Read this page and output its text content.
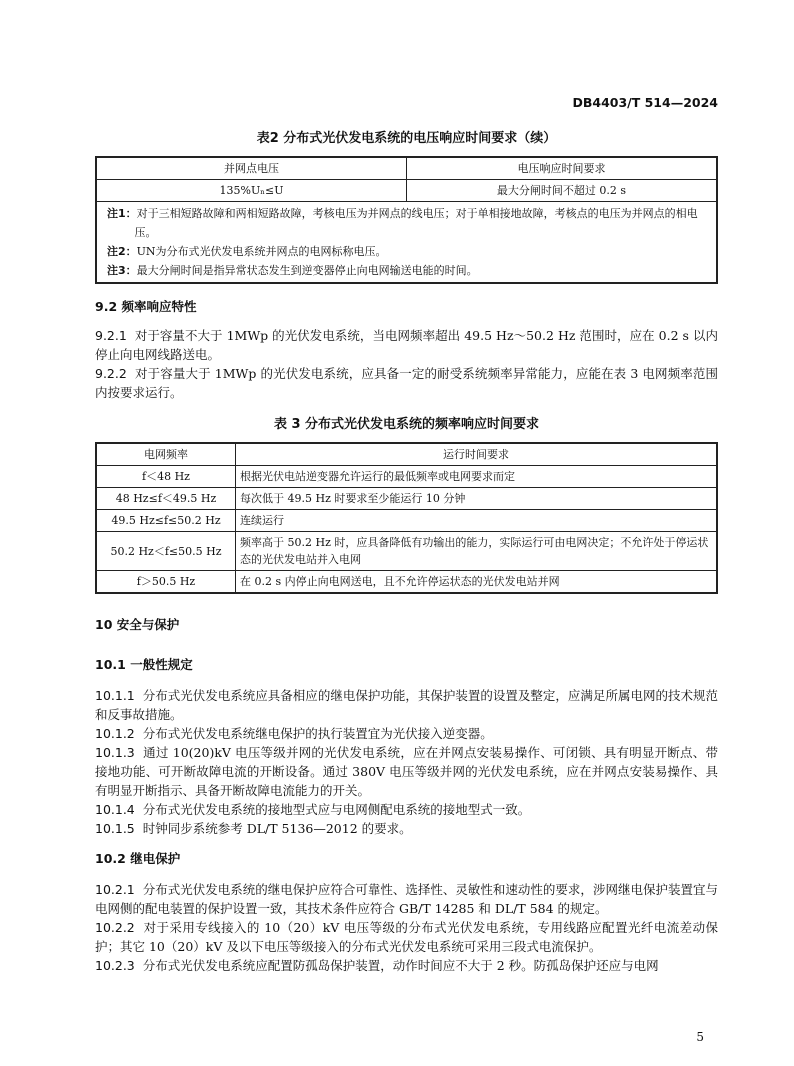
DB4403/T 514—2024
表2 分布式光伏发电系统的电压响应时间要求（续）
并网点电压	电压响应时间要求
135%Uₙ≤U	最大分闸时间不超过 0.2 s

注1：对于三相短路故障和两相短路故障，考核电压为并网点的线电压；对于单相接地故障，考核点的电压为并网点的相电压。
注2：UN为分布式光伏发电系统并网点的电网标称电压。
注3：最大分闸时间是指异常状态发生到逆变器停止向电网输送电能的时间。	
9.2 频率响应特性

9.2.1 对于容量不大于 1MWp 的光伏发电系统，当电网频率超出 49.5 Hz～50.2 Hz 范围时，应在 0.2 s 以内停止向电网线路送电。

9.2.2 对于容量大于 1MWp 的光伏发电系统，应具备一定的耐受系统频率异常能力，应能在表 3 电网频率范围内按要求运行。

表 3 分布式光伏发电系统的频率响应时间要求
电网频率	运行时间要求
f＜48 Hz	根据光伏电站逆变器允许运行的最低频率或电网要求而定
48 Hz≤f＜49.5 Hz	每次低于 49.5 Hz 时要求至少能运行 10 分钟
49.5 Hz≤f≤50.2 Hz	连续运行
50.2 Hz＜f≤50.5 Hz	频率高于 50.2 Hz 时，应具备降低有功输出的能力，实际运行可由电网决定；不允许处于停运状态的光伏发电站并入电网
f＞50.5 Hz	在 0.2 s 内停止向电网送电，且不允许停运状态的光伏发电站并网
10 安全与保护
10.1 一般性规定

10.1.1 分布式光伏发电系统应具备相应的继电保护功能，其保护装置的设置及整定，应满足所属电网的技术规范和反事故措施。

10.1.2 分布式光伏发电系统继电保护的执行装置宜为光伏接入逆变器。

10.1.3 通过 10(20)kV 电压等级并网的光伏发电系统，应在并网点安装易操作、可闭锁、具有明显开断点、带接地功能、可开断故障电流的开断设备。通过 380V 电压等级并网的光伏发电系统，应在并网点安装易操作、具有明显开断指示、具备开断故障电流能力的开关。

10.1.4 分布式光伏发电系统的接地型式应与电网侧配电系统的接地型式一致。

10.1.5 时钟同步系统参考 DL/T 5136—2012 的要求。

10.2 继电保护

10.2.1 分布式光伏发电系统的继电保护应符合可靠性、选择性、灵敏性和速动性的要求，涉网继电保护装置宜与电网侧的配电装置的保护设置一致，其技术条件应符合 GB/T 14285 和 DL/T 584 的规定。

10.2.2 对于采用专线接入的 10（20）kV 电压等级的分布式光伏发电系统，专用线路应配置光纤电流差动保护；其它 10（20）kV 及以下电压等级接入的分布式光伏发电系统可采用三段式电流保护。

10.2.3 分布式光伏发电系统应配置防孤岛保护装置，动作时间应不大于 2 秒。防孤岛保护还应与电网

5
